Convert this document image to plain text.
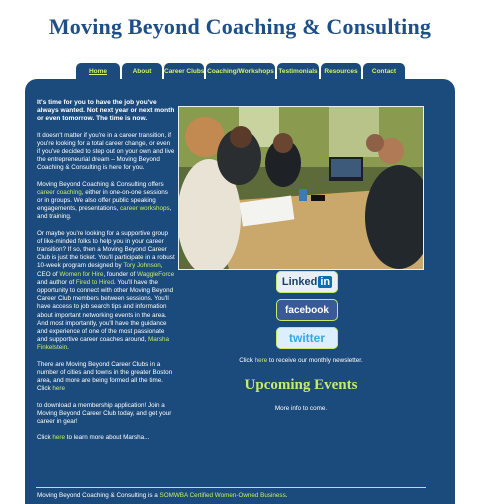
Moving Beyond Coaching & Consulting
Home	About	Career Clubs Coaching/Workshops Testimonials	Resources	Contact

It's time for you to have the job you've always wanted. Not next year or next month or even tomorrow. The time is now.

It doesn't matter if you're in a career transition, if you're looking for a total career change, or even if you've decided to step out on your own and live the entrepreneurial dream – Moving Beyond Coaching & Consulting is here for you.

Moving Beyond Coaching & Consulting offers career coaching, either in one-on-one sessions or in groups. We also offer public speaking engagements, presentations, career workshops, and training.

Or maybe you're looking for a supportive group of like-minded folks to help you in your career transition? If so, then a Moving Beyond Career Club is just the ticket. You'll participate in a robust 10-week program designed by Tory Johnson, CEO of Women for Hire, founder of WaggleForce and author of Fired to Hired. You'll have the opportunity to connect with other Moving Beyond Career Club members between sessions. You'll have access to job search tips and information about important networking events in the area. And most importantly, you'll have the guidance and experience of one of the most passionate and supportive career coaches around, Marsha Finkelstein.

There are Moving Beyond Career Clubs in a number of cities and towns in the greater Boston area, and more are being formed all the time. Click here

to download a membership application! Join a Moving Beyond Career Club today, and get your career in gear!

Click here to learn more about Marsha...

Linked in
facebook
twitter
Click here to receive our monthly newsletter.
Upcoming Events
More info to come.
Moving Beyond Coaching & Consulting is a SOMWBA Certified Women-Owned Business.
